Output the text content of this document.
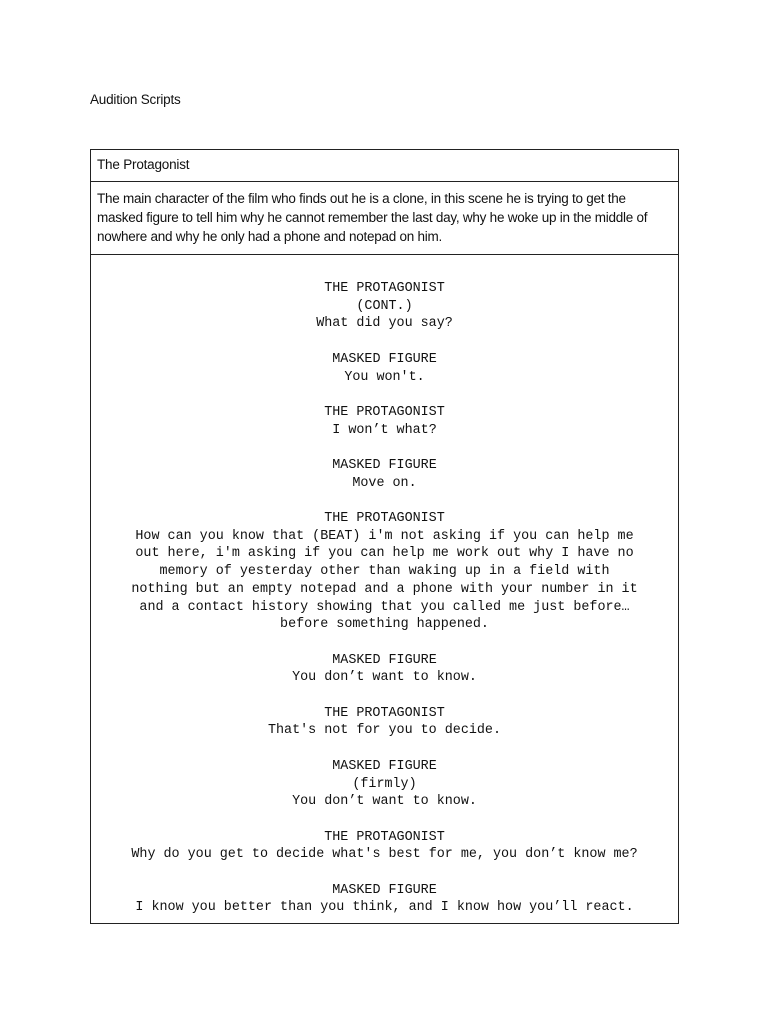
Audition Scripts
The Protagonist
The main character of the film who finds out he is a clone, in this scene he is trying to get the masked figure to tell him why he cannot remember the last day, why he woke up in the middle of nowhere and why he only had a phone and notepad on him.
THE PROTAGONIST
(CONT.)
What did you say?
MASKED FIGURE
You won't.
THE PROTAGONIST
I won’t what?
MASKED FIGURE
Move on.
THE PROTAGONIST
How can you know that (BEAT) i'm not asking if you can help me
out here, i'm asking if you can help me work out why I have no
memory of yesterday other than waking up in a field with
nothing but an empty notepad and a phone with your number in it
and a contact history showing that you called me just before…
before something happened.
MASKED FIGURE
You don’t want to know.
THE PROTAGONIST
That's not for you to decide.
MASKED FIGURE
(firmly)
You don’t want to know.
THE PROTAGONIST
Why do you get to decide what's best for me, you don’t know me?
MASKED FIGURE
I know you better than you think, and I know how you’ll react.
